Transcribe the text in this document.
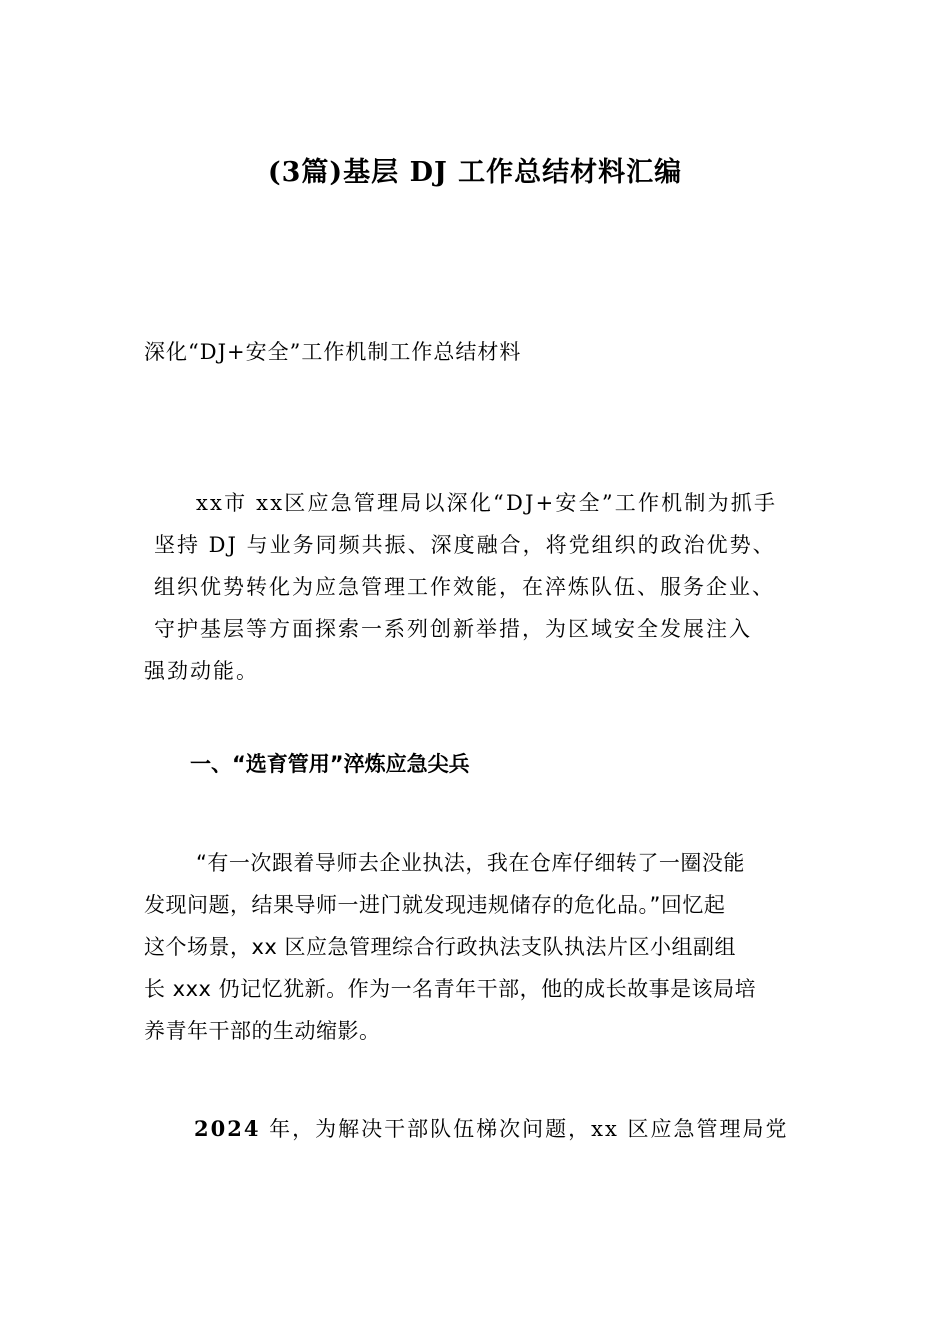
(3篇)基层 DJ 工作总结材料汇编
深化“DJ+安全”工作机制工作总结材料

xx市 xx区应急管理局以深化“DJ+安全”工作机制为抓手

坚持 DJ 与业务同频共振、深度融合，将党组织的政治优势、

组织优势转化为应急管理工作效能，在淬炼队伍、服务企业、

守护基层等方面探索一系列创新举措，为区域安全发展注入

强劲动能。

一、“选育管用”淬炼应急尖兵

“有一次跟着导师去企业执法，我在仓库仔细转了一圈没能

发现问题，结果导师一进门就发现违规储存的危化品。”回忆起

这个场景，xx 区应急管理综合行政执法支队执法片区小组副组

长 xxx 仍记忆犹新。作为一名青年干部，他的成长故事是该局培

养青年干部的生动缩影。

2024 年，为解决干部队伍梯次问题，xx 区应急管理局党
